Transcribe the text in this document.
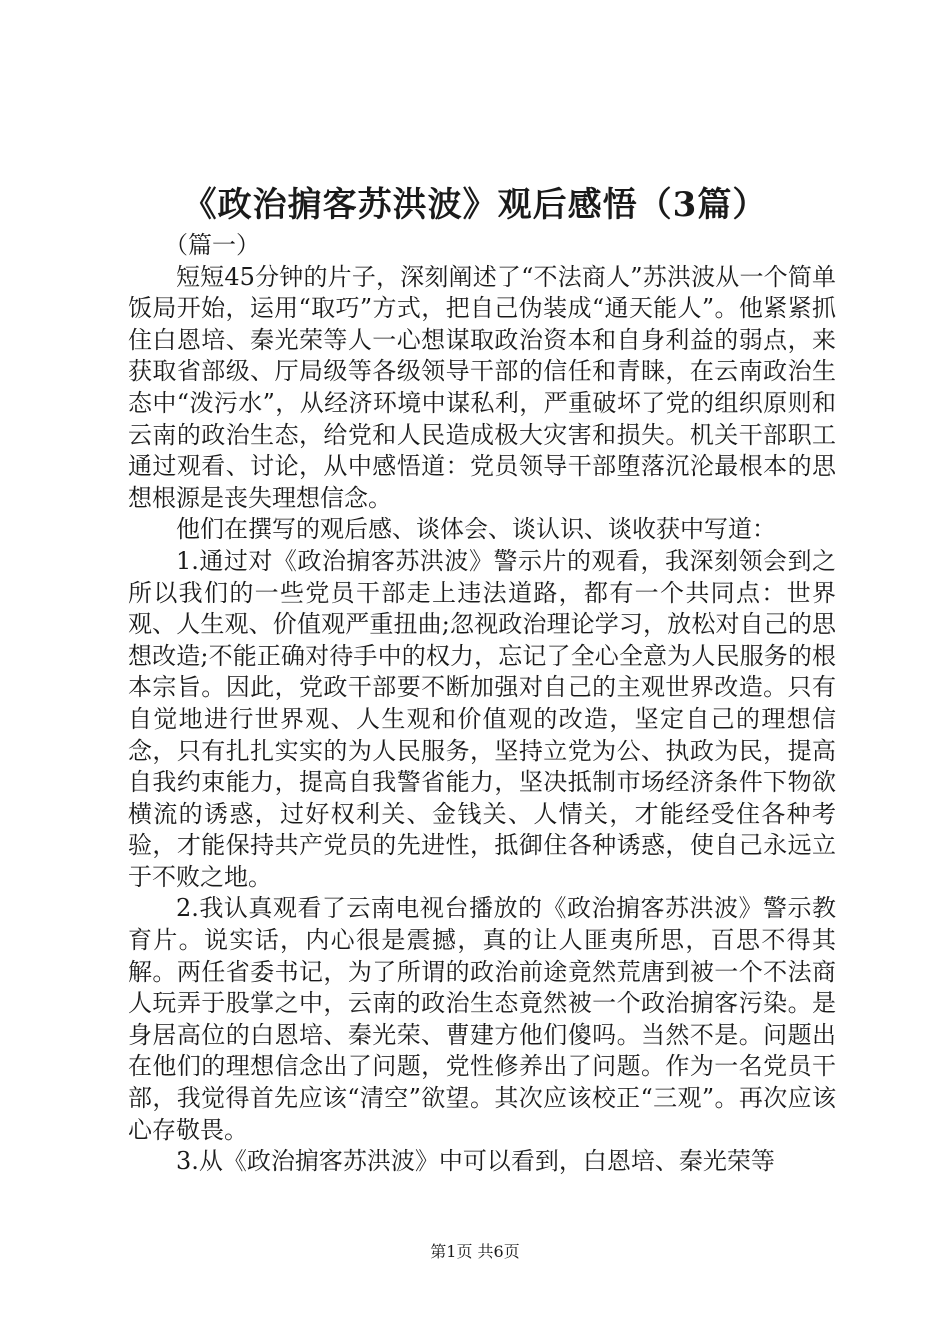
《政治掮客苏洪波》观后感悟（3篇）

（篇一）

短短45分钟的片子，深刻阐述了“不法商人”苏洪波从一个简单饭局开始，运用“取巧”方式，把自己伪装成“通天能人”。他紧紧抓住白恩培、秦光荣等人一心想谋取政治资本和自身利益的弱点，来获取省部级、厅局级等各级领导干部的信任和青睐，在云南政治生态中“泼污水”，从经济环境中谋私利，严重破坏了党的组织原则和云南的政治生态，给党和人民造成极大灾害和损失。机关干部职工通过观看、讨论，从中感悟道：党员领导干部堕落沉沦最根本的思想根源是丧失理想信念。

他们在撰写的观后感、谈体会、谈认识、谈收获中写道：

1.通过对《政治掮客苏洪波》警示片的观看，我深刻领会到之所以我们的一些党员干部走上违法道路，都有一个共同点：世界观、人生观、价值观严重扭曲;忽视政治理论学习，放松对自己的思想改造;不能正确对待手中的权力，忘记了全心全意为人民服务的根本宗旨。因此，党政干部要不断加强对自己的主观世界改造。只有自觉地进行世界观、人生观和价值观的改造，坚定自己的理想信念，只有扎扎实实的为人民服务，坚持立党为公、执政为民，提高自我约束能力，提高自我警省能力，坚决抵制市场经济条件下物欲横流的诱惑，过好权利关、金钱关、人情关，才能经受住各种考验，才能保持共产党员的先进性，抵御住各种诱惑，使自己永远立于不败之地。

2.我认真观看了云南电视台播放的《政治掮客苏洪波》警示教育片。说实话，内心很是震撼，真的让人匪夷所思，百思不得其解。两任省委书记，为了所谓的政治前途竟然荒唐到被一个不法商人玩弄于股掌之中，云南的政治生态竟然被一个政治掮客污染。是身居高位的白恩培、秦光荣、曹建方他们傻吗。当然不是。问题出在他们的理想信念出了问题，党性修养出了问题。作为一名党员干部，我觉得首先应该“清空”欲望。其次应该校正“三观”。再次应该心存敬畏。

3.从《政治掮客苏洪波》中可以看到，白恩培、秦光荣等

第1页 共6页
